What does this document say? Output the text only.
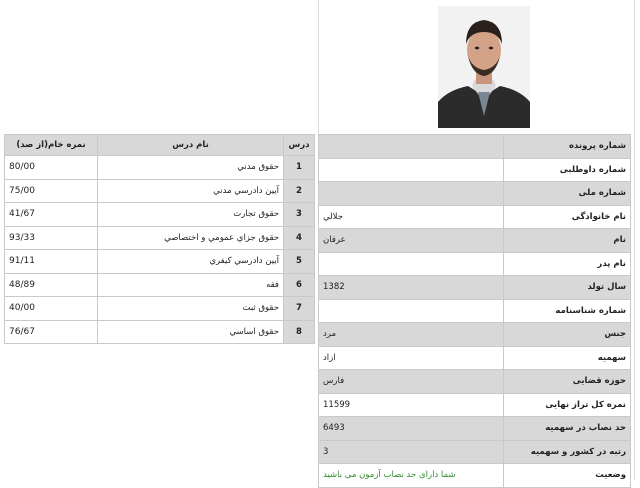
درس	نام درس	نمره خام(از صد)
1	حقوق مدني	80/00
2	آيين دادرسي مدني	75/00
3	حقوق تجارت	41/67
4	حقوق جزاي عمومي و اختصاصي	93/33
5	آيين دادرسي كيفري	91/11
6	فقه	48/89
7	حقوق ثبت	40/00
8	حقوق اساسي	76/67
شماره پرونده	
شماره داوطلبی	
شماره ملی	
نام خانوادگی	جلالي
نام	عرفان
نام پدر	
سال تولد	1382
شماره شناسنامه	
جنس	مرد
سهمیه	ازاد
حوزه قضایی	فارس
نمره کل تراز نهایی	11599
حد نصاب در سهمیه	6493
رتبه در کشور و سهمیه	3
وضعیت	شما دارای حد نصاب آزمون می باشید
